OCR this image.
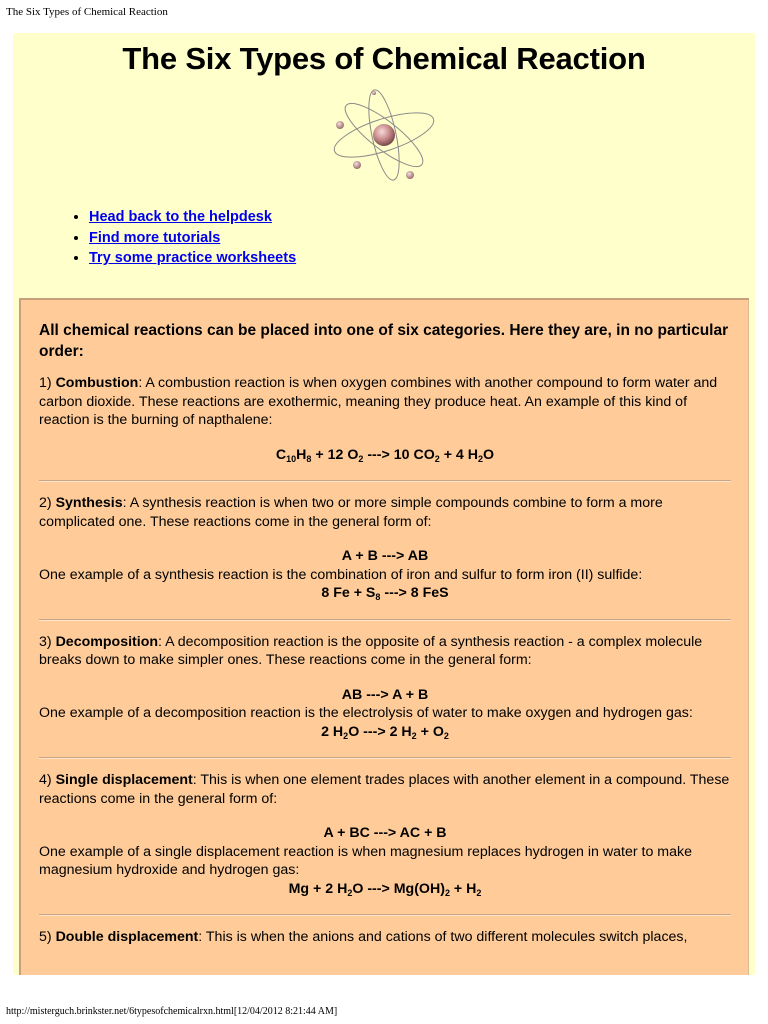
The Six Types of Chemical Reaction
The Six Types of Chemical Reaction
• Head back to the helpdesk
• Find more tutorials
• Try some practice worksheets

All chemical reactions can be placed into one of six categories. Here they are, in no particular order:

1) Combustion: A combustion reaction is when oxygen combines with another compound to form water and carbon dioxide. These reactions are exothermic, meaning they produce heat. An example of this kind of reaction is the burning of napthalene:

$C_{10}H_8 + 12$ $O_2$ ---> 10 $CO_2 + 4$ $H_2O$

2) Synthesis: A synthesis reaction is when two or more simple compounds combine to form a more complicated one. These reactions come in the general form of:

A + B ---> AB

One example of a synthesis reaction is the combination of iron and sulfur to form iron (II) sulfide:

8 $Fe + S_8$ ---> 8 FeS

3) Decomposition: A decomposition reaction is the opposite of a synthesis reaction - a complex molecule breaks down to make simpler ones. These reactions come in the general form:

AB ---> A + B

One example of a decomposition reaction is the electrolysis of water to make oxygen and hydrogen gas:

2 $H_2O$ ---> 2 $H_2 + O_2$

4) Single displacement: This is when one element trades places with another element in a compound. These reactions come in the general form of:

A + BC ---> AC + B

One example of a single displacement reaction is when magnesium replaces hydrogen in water to make magnesium hydroxide and hydrogen gas:

Mg + 2 $H_2O$ ---> $Mg(OH)_2 + H_2$

5) Double displacement: This is when the anions and cations of two different molecules switch places,

http://misterguch.brinkster.net/6typesofchemicalrxn.html[12/04/2012 8:21:44 AM]
